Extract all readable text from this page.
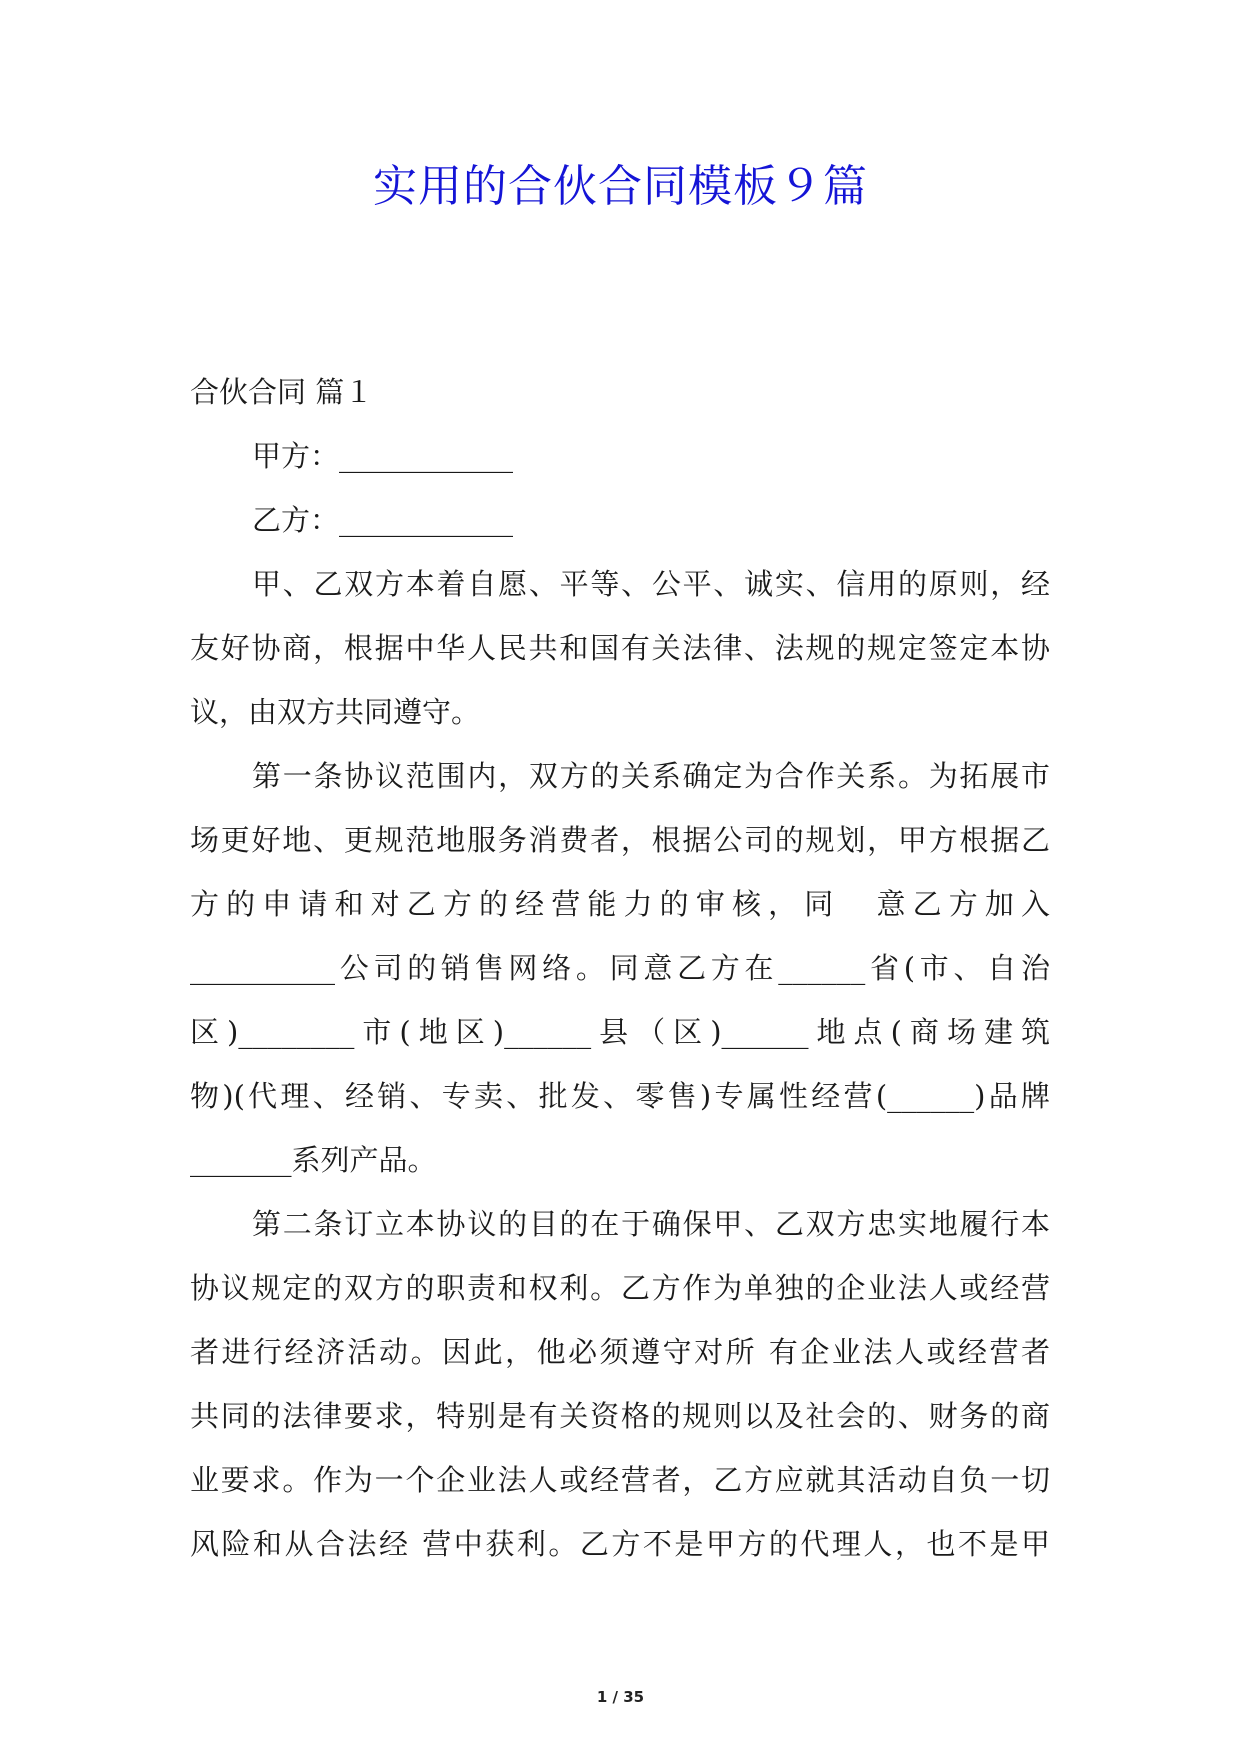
实用的合伙合同模板９篇
合伙合同 篇１
甲方：____________
乙方：____________
甲、乙双方本着自愿、平等、公平、诚实、信用的原则，经
友好协商，根据中华人民共和国有关法律、法规的规定签定本协
议，由双方共同遵守。
第一条协议范围内，双方的关系确定为合作关系。为拓展市
场更好地、更规范地服务消费者，根据公司的规划，甲方根据乙
方的申请和对乙方的经营能力的审核，同　意乙方加入
__________公司的销售网络。同意乙方在______省(市、自治
区)________市(地区)______县（区)______地点(商场建筑
物)(代理、经销、专卖、批发、零售)专属性经营(______)品牌
_______系列产品。
第二条订立本协议的目的在于确保甲、乙双方忠实地履行本
协议规定的双方的职责和权利。乙方作为单独的企业法人或经营
者进行经济活动。因此，他必须遵守对所 有企业法人或经营者
共同的法律要求，特别是有关资格的规则以及社会的、财务的商
业要求。作为一个企业法人或经营者，乙方应就其活动自负一切
风险和从合法经 营中获利。乙方不是甲方的代理人，也不是甲
1 / 35
